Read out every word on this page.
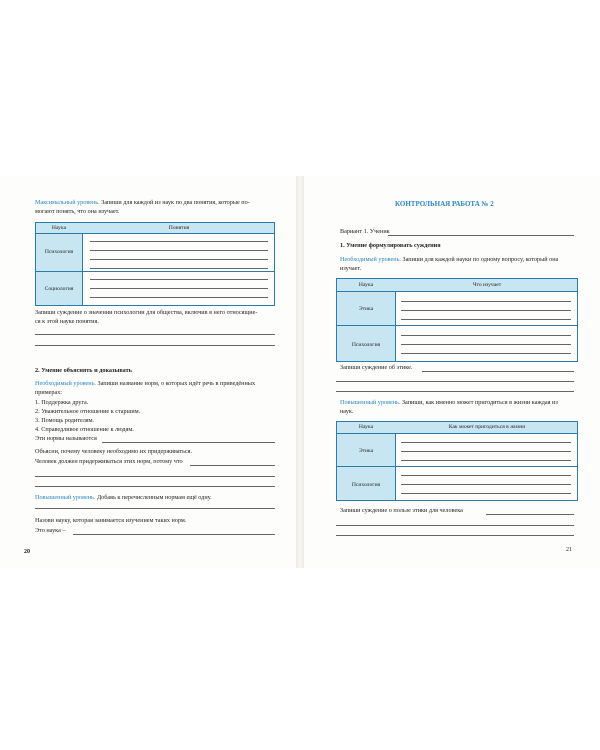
Максимальный уровень. Запиши для каждой из наук по два понятия, которые по-
могают понять, что она изучает.
Наука	Понятия
Психология
Социология
Запиши суждение о значении психологии для общества, включив в него относящие-
ся к этой науке понятия.
2. Умение объяснять и доказывать
Необходимый уровень. Запиши название норм, о которых идёт речь в приведённых
примерах:
1. Поддержка друга.
2. Уважительное отношение к старшим.
3. Помощь родителям.
4. Справедливое отношение к людям.
Эти нормы называются
Объясни, почему человеку необходимо их придерживаться.
Человек должен придерживаться этих норм, потому что
Повышенный уровень. Добавь к перечисленным нормам ещё одну.
Назови науку, которая занимается изучением таких норм.
Это наука –
20
КОНТРОЛЬНАЯ РАБОТА № 2
Вариант 1. Ученик
1. Умение формулировать суждения
Необходимый уровень. Запиши для каждой науки по одному вопросу, который она
изучает.
Наука	Что изучает
Этика
Психология
Запиши суждение об этике.
Повышенный уровень. Запиши, как именно может пригодиться в жизни каждая из
наук.
Наука	Как может пригодиться в жизни
Этика
Психология
Запиши суждение о пользе этики для человека
21
